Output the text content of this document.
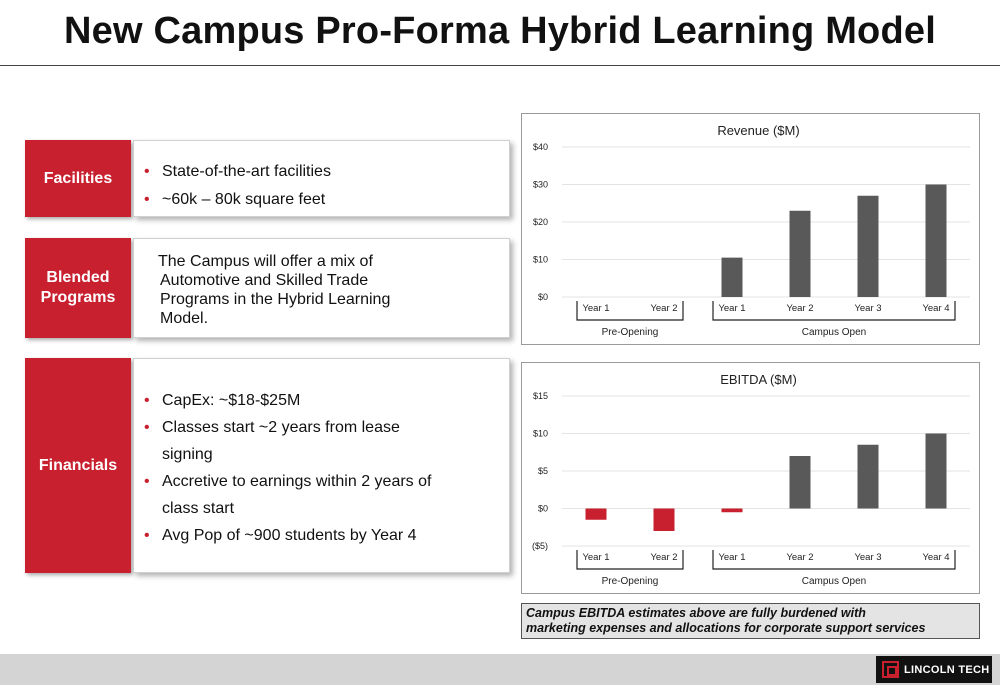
New Campus Pro-Forma Hybrid Learning Model
Facilities
•	State-of-the-art facilities
• ~60k – 80k square feet
Blended
Programs
The Campus will offer a mix of
Automotive and Skilled Trade
Programs in the Hybrid Learning
Model.
Financials
• CapEx: ~$18-$25M
• Classes start ~2 years from lease
signing
• Accretive to earnings within 2 years of
class start
• Avg Pop of ~900 students by Year 4
Revenue ($M)
$0
$10
$20
$30
$40
Year 1	Year 2	Year 1	Year 2	Year 3	Year 4
Pre-Opening	Campus Open
EBITDA ($M)
($5)
$0
$5
$10
$15
Year 1	Year 2	Year 1	Year 2	Year 3	Year 4
Pre-Opening	Campus Open
Campus EBITDA estimates above are fully burdened with
marketing expenses and allocations for corporate support services
LINCOLN TECH
